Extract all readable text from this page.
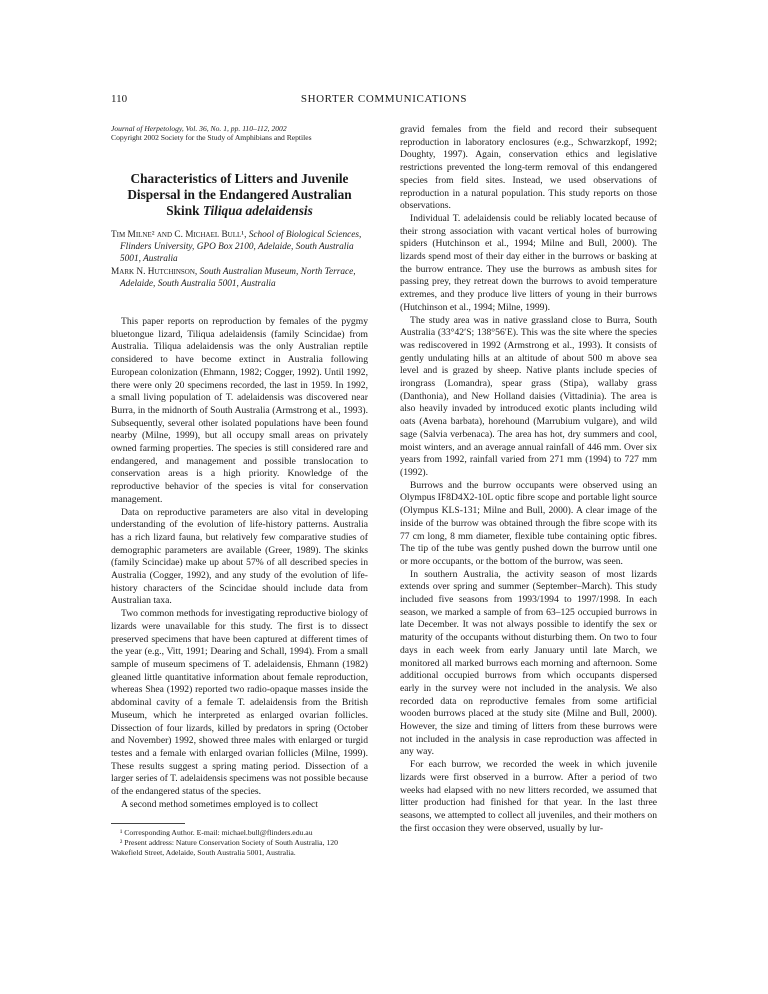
110	SHORTER COMMUNICATIONS

Journal of Herpetology, Vol. 36, No. 1, pp. 110–112, 2002
Copyright 2002 Society for the Study of Amphibians and Reptiles

Characteristics of Litters and Juvenile Dispersal in the Endangered Australian Skink Tiliqua adelaidensis

Tim Milne² and C. Michael Bull¹, School of Biological Sciences, Flinders University, GPO Box 2100, Adelaide, South Australia 5001, Australia

Mark N. Hutchinson, South Australian Museum, North Terrace, Adelaide, South Australia 5001, Australia

This paper reports on reproduction by females of the pygmy bluetongue lizard, Tiliqua adelaidensis (family Scincidae) from Australia. Tiliqua adelaidensis was the only Australian reptile considered to have become extinct in Australia following European colonization (Ehmann, 1982; Cogger, 1992). Until 1992, there were only 20 specimens recorded, the last in 1959. In 1992, a small living population of T. adelaidensis was discovered near Burra, in the midnorth of South Australia (Armstrong et al., 1993). Subsequently, several other isolated populations have been found nearby (Milne, 1999), but all occupy small areas on privately owned farming properties. The species is still considered rare and endangered, and management and possible translocation to conservation areas is a high priority. Knowledge of the reproductive behavior of the species is vital for conservation management.

Data on reproductive parameters are also vital in developing understanding of the evolution of life-history patterns. Australia has a rich lizard fauna, but relatively few comparative studies of demographic parameters are available (Greer, 1989). The skinks (family Scincidae) make up about 57% of all described species in Australia (Cogger, 1992), and any study of the evolution of life-history characters of the Scincidae should include data from Australian taxa.

Two common methods for investigating reproductive biology of lizards were unavailable for this study. The first is to dissect preserved specimens that have been captured at different times of the year (e.g., Vitt, 1991; Dearing and Schall, 1994). From a small sample of museum specimens of T. adelaidensis, Ehmann (1982) gleaned little quantitative information about female reproduction, whereas Shea (1992) reported two radio-opaque masses inside the abdominal cavity of a female T. adelaidensis from the British Museum, which he interpreted as enlarged ovarian follicles. Dissection of four lizards, killed by predators in spring (October and November) 1992, showed three males with enlarged or turgid testes and a female with enlarged ovarian follicles (Milne, 1999). These results suggest a spring mating period. Dissection of a larger series of T. adelaidensis specimens was not possible because of the endangered status of the species.

A second method sometimes employed is to collect

¹ Corresponding Author. E-mail: michael.bull@flinders.edu.au

² Present address: Nature Conservation Society of South Australia, 120 Wakefield Street, Adelaide, South Australia 5001, Australia.

gravid females from the field and record their subsequent reproduction in laboratory enclosures (e.g., Schwarzkopf, 1992; Doughty, 1997). Again, conservation ethics and legislative restrictions prevented the long-term removal of this endangered species from field sites. Instead, we used observations of reproduction in a natural population. This study reports on those observations.

Individual T. adelaidensis could be reliably located because of their strong association with vacant vertical holes of burrowing spiders (Hutchinson et al., 1994; Milne and Bull, 2000). The lizards spend most of their day either in the burrows or basking at the burrow entrance. They use the burrows as ambush sites for passing prey, they retreat down the burrows to avoid temperature extremes, and they produce live litters of young in their burrows (Hutchinson et al., 1994; Milne, 1999).

The study area was in native grassland close to Burra, South Australia (33°42′S; 138°56′E). This was the site where the species was rediscovered in 1992 (Armstrong et al., 1993). It consists of gently undulating hills at an altitude of about 500 m above sea level and is grazed by sheep. Native plants include species of irongrass (Lomandra), spear grass (Stipa), wallaby grass (Danthonia), and New Holland daisies (Vittadinia). The area is also heavily invaded by introduced exotic plants including wild oats (Avena barbata), horehound (Marrubium vulgare), and wild sage (Salvia verbenaca). The area has hot, dry summers and cool, moist winters, and an average annual rainfall of 446 mm. Over six years from 1992, rainfall varied from 271 mm (1994) to 727 mm (1992).

Burrows and the burrow occupants were observed using an Olympus IF8D4X2-10L optic fibre scope and portable light source (Olympus KLS-131; Milne and Bull, 2000). A clear image of the inside of the burrow was obtained through the fibre scope with its 77 cm long, 8 mm diameter, flexible tube containing optic fibres. The tip of the tube was gently pushed down the burrow until one or more occupants, or the bottom of the burrow, was seen.

In southern Australia, the activity season of most lizards extends over spring and summer (September–March). This study included five seasons from 1993/1994 to 1997/1998. In each season, we marked a sample of from 63–125 occupied burrows in late December. It was not always possible to identify the sex or maturity of the occupants without disturbing them. On two to four days in each week from early January until late March, we monitored all marked burrows each morning and afternoon. Some additional occupied burrows from which occupants dispersed early in the survey were not included in the analysis. We also recorded data on reproductive females from some artificial wooden burrows placed at the study site (Milne and Bull, 2000). However, the size and timing of litters from these burrows were not included in the analysis in case reproduction was affected in any way.

For each burrow, we recorded the week in which juvenile lizards were first observed in a burrow. After a period of two weeks had elapsed with no new litters recorded, we assumed that litter production had finished for that year. In the last three seasons, we attempted to collect all juveniles, and their mothers on the first occasion they were observed, usually by lur-
